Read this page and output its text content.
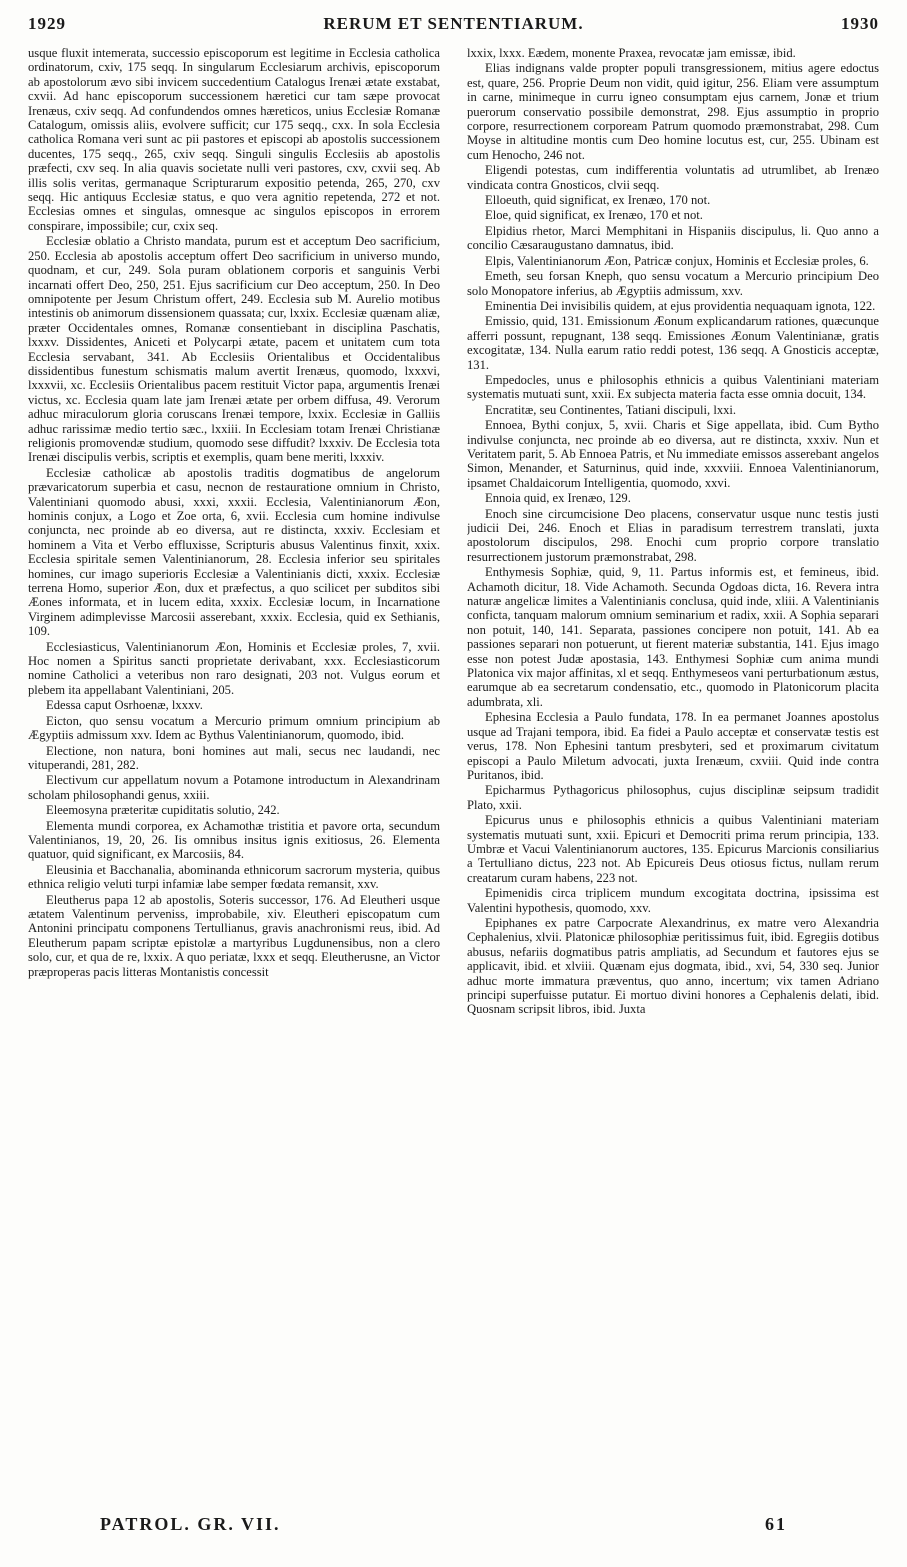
1929	RERUM ET SENTENTIARUM.	1930

usque fluxit intemerata, successio episcoporum est legitime in Ecclesia catholica ordinatorum, cxiv, 175 seqq. In singularum Ecclesiarum archivis, episcoporum ab apostolorum ævo sibi invicem succedentium Catalogus Irenæi ætate exstabat, cxvii. Ad hanc episcoporum successionem hæretici cur tam sæpe provocat Irenæus, cxiv seqq. Ad confundendos omnes hæreticos, unius Ecclesiæ Romanæ Catalogum, omissis aliis, evolvere sufficit; cur 175 seqq., cxx. In sola Ecclesia catholica Romana veri sunt ac pii pastores et episcopi ab apostolis successionem ducentes, 175 seqq., 265, cxiv seqq. Singuli singulis Ecclesiis ab apostolis præfecti, cxv seq. In alia quavis societate nulli veri pastores, cxv, cxvii seq. Ab illis solis veritas, germanaque Scripturarum expositio petenda, 265, 270, cxv seqq. Hic antiquus Ecclesiæ status, e quo vera agnitio repetenda, 272 et not. Ecclesias omnes et singulas, omnesque ac singulos episcopos in errorem conspirare, impossibile; cur, cxix seq.

Ecclesiæ oblatio a Christo mandata, purum est et acceptum Deo sacrificium, 250. Ecclesia ab apostolis acceptum offert Deo sacrificium in universo mundo, quodnam, et cur, 249. Sola puram oblationem corporis et sanguinis Verbi incarnati offert Deo, 250, 251. Ejus sacrificium cur Deo acceptum, 250. In Deo omnipotente per Jesum Christum offert, 249. Ecclesia sub M. Aurelio motibus intestinis ob animorum dissensionem quassata; cur, lxxix. Ecclesiæ quænam aliæ, præter Occidentales omnes, Romanæ consentiebant in disciplina Paschatis, lxxxv. Dissidentes, Aniceti et Polycarpi ætate, pacem et unitatem cum tota Ecclesia servabant, 341. Ab Ecclesiis Orientalibus et Occidentalibus dissidentibus funestum schismatis malum avertit Irenæus, quomodo, lxxxvi, lxxxvii, xc. Ecclesiis Orientalibus pacem restituit Victor papa, argumentis Irenæi victus, xc. Ecclesia quam late jam Irenæi ætate per orbem diffusa, 49. Verorum adhuc miraculorum gloria coruscans Irenæi tempore, lxxix. Ecclesiæ in Galliis adhuc rarissimæ medio tertio sæc., lxxiii. In Ecclesiam totam Irenæi Christianæ religionis promovendæ studium, quomodo sese diffudit? lxxxiv. De Ecclesia tota Irenæi discipulis verbis, scriptis et exemplis, quam bene meriti, lxxxiv.

Ecclesiæ catholicæ ab apostolis traditis dogmatibus de angelorum prævaricatorum superbia et casu, necnon de restauratione omnium in Christo, Valentiniani quomodo abusi, xxxi, xxxii. Ecclesia, Valentinianorum Æon, hominis conjux, a Logo et Zoe orta, 6, xvii. Ecclesia cum homine indivulse conjuncta, nec proinde ab eo diversa, aut re distincta, xxxiv. Ecclesiam et hominem a Vita et Verbo effluxisse, Scripturis abusus Valentinus finxit, xxix. Ecclesia spiritale semen Valentinianorum, 28. Ecclesia inferior seu spiritales homines, cur imago superioris Ecclesiæ a Valentinianis dicti, xxxix. Ecclesiæ terrena Homo, superior Æon, dux et præfectus, a quo scilicet per subditos sibi Æones informata, et in lucem edita, xxxix. Ecclesiæ locum, in Incarnatione Virginem adimplevisse Marcosii asserebant, xxxix. Ecclesia, quid ex Sethianis, 109.

Ecclesiasticus, Valentinianorum Æon, Hominis et Ecclesiæ proles, 7, xvii. Hoc nomen a Spiritus sancti proprietate derivabant, xxx. Ecclesiasticorum nomine Catholici a veteribus non raro designati, 203 not. Vulgus eorum et plebem ita appellabant Valentiniani, 205.

Edessa caput Osrhoenæ, lxxxv.

Eicton, quo sensu vocatum a Mercurio primum omnium principium ab Ægyptiis admissum xxv. Idem ac Bythus Valentinianorum, quomodo, ibid.

Electione, non natura, boni homines aut mali, secus nec laudandi, nec vituperandi, 281, 282.

Electivum cur appellatum novum a Potamone introductum in Alexandrinam scholam philosophandi genus, xxiii.

Eleemosyna præteritæ cupiditatis solutio, 242.

Elementa mundi corporea, ex Achamothæ tristitia et pavore orta, secundum Valentinianos, 19, 20, 26. Iis omnibus insitus ignis exitiosus, 26. Elementa quatuor, quid significant, ex Marcosiis, 84.

Eleusinia et Bacchanalia, abominanda ethnicorum sacrorum mysteria, quibus ethnica religio veluti turpi infamiæ labe semper fœdata remansit, xxv.

Eleutherus papa 12 ab apostolis, Soteris successor, 176. Ad Eleutheri usque ætatem Valentinum perveniss, improbabile, xiv. Eleutheri episcopatum cum Antonini principatu componens Tertullianus, gravis anachronismi reus, ibid. Ad Eleutherum papam scriptæ epistolæ a martyribus Lugdunensibus, non a clero solo, cur, et qua de re, lxxix. A quo periatæ, lxxx et seqq. Eleutherusne, an Victor præproperas pacis litteras Montanistis concessit

lxxix, lxxx. Eædem, monente Praxea, revocatæ jam emissæ, ibid.

Elias indignans valde propter populi transgressionem, mitius agere edoctus est, quare, 256. Proprie Deum non vidit, quid igitur, 256. Eliam vere assumptum in carne, minimeque in curru igneo consumptam ejus carnem, Jonæ et trium puerorum conservatio possibile demonstrat, 298. Ejus assumptio in proprio corpore, resurrectionem corpoream Patrum quomodo præmonstrabat, 298. Cum Moyse in altitudine montis cum Deo homine locutus est, cur, 255. Ubinam est cum Henocho, 246 not.

Eligendi potestas, cum indifferentia voluntatis ad utrumlibet, ab Irenæo vindicata contra Gnosticos, clvii seqq.

Elloeuth, quid significat, ex Irenæo, 170 not.

Eloe, quid significat, ex Irenæo, 170 et not.

Elpidius rhetor, Marci Memphitani in Hispaniis discipulus, li. Quo anno a concilio Cæsaraugustano damnatus, ibid.

Elpis, Valentinianorum Æon, Patricæ conjux, Hominis et Ecclesiæ proles, 6.

Emeth, seu forsan Kneph, quo sensu vocatum a Mercurio principium Deo solo Monopatore inferius, ab Ægyptiis admissum, xxv.

Eminentia Dei invisibilis quidem, at ejus providentia nequaquam ignota, 122.

Emissio, quid, 131. Emissionum Æonum explicandarum rationes, quæcunque afferri possunt, repugnant, 138 seqq. Emissiones Æonum Valentinianæ, gratis excogitatæ, 134. Nulla earum ratio reddi potest, 136 seqq. A Gnosticis acceptæ, 131.

Empedocles, unus e philosophis ethnicis a quibus Valentiniani materiam systematis mutuati sunt, xxii. Ex subjecta materia facta esse omnia docuit, 134.

Encratitæ, seu Continentes, Tatiani discipuli, lxxi.

Ennoea, Bythi conjux, 5, xvii. Charis et Sige appellata, ibid. Cum Bytho indivulse conjuncta, nec proinde ab eo diversa, aut re distincta, xxxiv. Nun et Veritatem parit, 5. Ab Ennoea Patris, et Nu immediate emissos asserebant angelos Simon, Menander, et Saturninus, quid inde, xxxviii. Ennoea Valentinianorum, ipsamet Chaldaicorum Intelligentia, quomodo, xxvi.

Ennoia quid, ex Irenæo, 129.

Enoch sine circumcisione Deo placens, conservatur usque nunc testis justi judicii Dei, 246. Enoch et Elias in paradisum terrestrem translati, juxta apostolorum discipulos, 298. Enochi cum proprio corpore translatio resurrectionem justorum præmonstrabat, 298.

Enthymesis Sophiæ, quid, 9, 11. Partus informis est, et femineus, ibid. Achamoth dicitur, 18. Vide Achamoth. Secunda Ogdoas dicta, 16. Revera intra naturæ angelicæ limites a Valentinianis conclusa, quid inde, xliii. A Valentinianis conficta, tanquam malorum omnium seminarium et radix, xxii. A Sophia separari non potuit, 140, 141. Separata, passiones concipere non potuit, 141. Ab ea passiones separari non potuerunt, ut fierent materiæ substantia, 141. Ejus imago esse non potest Judæ apostasia, 143. Enthymesi Sophiæ cum anima mundi Platonica vix major affinitas, xl et seqq. Enthymeseos vani perturbationum æstus, earumque ab ea secretarum condensatio, etc., quomodo in Platonicorum placita adumbrata, xli.

Ephesina Ecclesia a Paulo fundata, 178. In ea permanet Joannes apostolus usque ad Trajani tempora, ibid. Ea fidei a Paulo acceptæ et conservatæ testis est verus, 178. Non Ephesini tantum presbyteri, sed et proximarum civitatum episcopi a Paulo Miletum advocati, juxta Irenæum, cxviii. Quid inde contra Puritanos, ibid.

Epicharmus Pythagoricus philosophus, cujus disciplinæ seipsum tradidit Plato, xxii.

Epicurus unus e philosophis ethnicis a quibus Valentiniani materiam systematis mutuati sunt, xxii. Epicuri et Democriti prima rerum principia, 133. Umbræ et Vacui Valentinianorum auctores, 135. Epicurus Marcionis consiliarius a Tertulliano dictus, 223 not. Ab Epicureis Deus otiosus fictus, nullam rerum creatarum curam habens, 223 not.

Epimenidis circa triplicem mundum excogitata doctrina, ipsissima est Valentini hypothesis, quomodo, xxv.

Epiphanes ex patre Carpocrate Alexandrinus, ex matre vero Alexandria Cephalenius, xlvii. Platonicæ philosophiæ peritissimus fuit, ibid. Egregiis dotibus abusus, nefariis dogmatibus patris ampliatis, ad Secundum et fautores ejus se applicavit, ibid. et xlviii. Quænam ejus dogmata, ibid., xvi, 54, 330 seq. Junior adhuc morte immatura præventus, quo anno, incertum; vix tamen Adriano principi superfuisse putatur. Ei mortuo divini honores a Cephalenis delati, ibid. Quosnam scripsit libros, ibid. Juxta

PATROL. GR. VII.	61
